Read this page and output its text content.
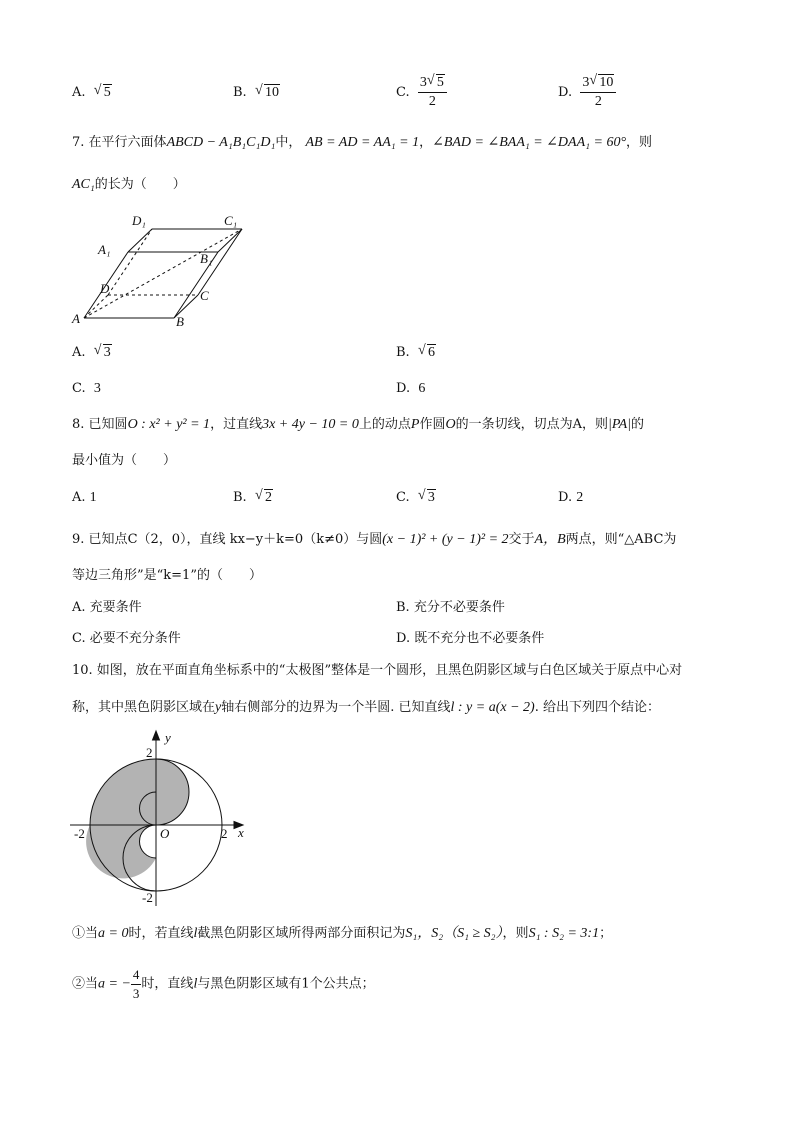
A. √ 5	B. √ 10	C. $\frac{3 √ 5}{2}$	D. $\frac{3 √ 10}{2}$
7. 在平行六面体ABCD − A₁B₁C₁D₁中， AB = AD = AA₁ = 1，∠BAD = ∠BAA₁ = ∠DAA₁ = 60°，则
AC₁的长为（　　）
A	B
C
D
A₁
B₁
C₁
D₁
A. √ 3	B. √ 6
C. 3	D. 6
8. 已知圆O : x² + y² = 1，过直线3x + 4y − 10 = 0上的动点P作圆O的一条切线，切点为A，则|PA|的
最小值为（　　）
A. 1	B. √ 2	C. √ 3	D. 2
9. 已知点C（2，0），直线 kx−y＋k=0（k≠0）与圆(x − 1)² + (y − 1)² = 2交于A，B两点，则“△ABC为
等边三角形”是“k=1”的（　　）
A. 充要条件	B. 充分不必要条件
C. 必要不充分条件	D. 既不充分也不必要条件
10. 如图，放在平面直角坐标系中的“太极图”整体是一个圆形，且黑色阴影区域与白色区域关于原点中心对
称，其中黑色阴影区域在y轴右侧部分的边界为一个半圆. 已知直线l : y = a(x − 2). 给出下列四个结论：
y
x
O
2
2
-2
-2
①当a = 0时，若直线l截黑色阴影区域所得两部分面积记为S₁，S₂（S₁ ≥ S₂），则S₁ : S₂ = 3:1；
②当a = − $\frac{4}{3}$ 时，直线l与黑色阴影区域有1个公共点；
